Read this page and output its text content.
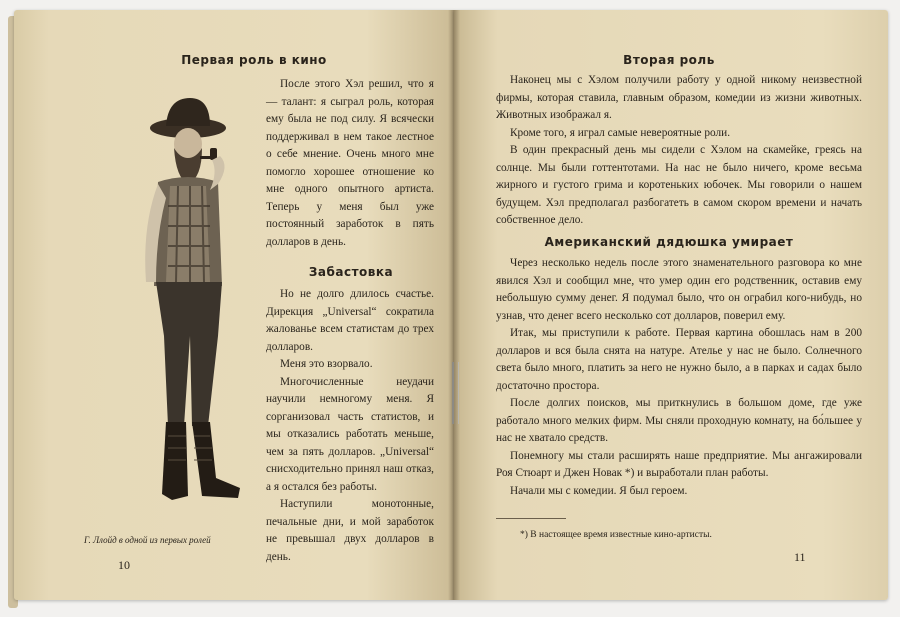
Первая роль в кино

После этого Хэл решил, что я — талант: я сыграл роль, которая ему была не под силу. Я всячески поддерживал в нем такое лестное о себе мнение. Очень много мне помогло хорошее отношение ко мне одного опытного артиста. Теперь у меня был уже постоянный заработок в пять долларов в день.

Забастовка

Но не долго длилось счастье. Дирекция „Universal“ сократила жалованье всем статистам до трех долларов.

Меня это взорвало.

Многочисленные неудачи научили немногому меня. Я сорганизовал часть статистов, и мы отказались работать меньше, чем за пять долларов. „Universal“ снисходительно принял наш отказ, а я остался без работы.

Наступили монотонные, печальные дни, и мой заработок не превышал двух долларов в день.

Г. Ллойд в одной из первых ролей
10
Вторая роль

Наконец мы с Хэлом получили работу у одной никому неизвестной фирмы, которая ставила, главным образом, комедии из жизни животных. Животных изображал я.

Кроме того, я играл самые невероятные роли.

В один прекрасный день мы сидели с Хэлом на скамейке, греясь на солнце. Мы были готтентотами. На нас не было ничего, кроме весьма жирного и густого грима и коротеньких юбочек. Мы говорили о нашем будущем. Хэл предполагал разбогатеть в самом скором времени и начать собственное дело.

Американский дядюшка умирает

Через несколько недель после этого знаменательного разговора ко мне явился Хэл и сообщил мне, что умер один его родственник, оставив ему небольшую сумму денег. Я подумал было, что он ограбил кого-нибудь, но узнав, что денег всего несколько сот долларов, поверил ему.

Итак, мы приступили к работе. Первая картина обошлась нам в 200 долларов и вся была снята на натуре. Ателье у нас не было. Солнечного света было много, платить за него не нужно было, а в парках и садах было достаточно простора.

После долгих поисков, мы приткнулись в большом доме, где уже работало много мелких фирм. Мы сняли проходную комнату, на бо́льшее у нас не хватало средств.

Понемногу мы стали расширять наше предприятие. Мы ангажировали Роя Стюарт и Джен Новак *) и выработали план работы.

Начали мы с комедии. Я был героем.

*) В настоящее время известные кино-артисты.
11
